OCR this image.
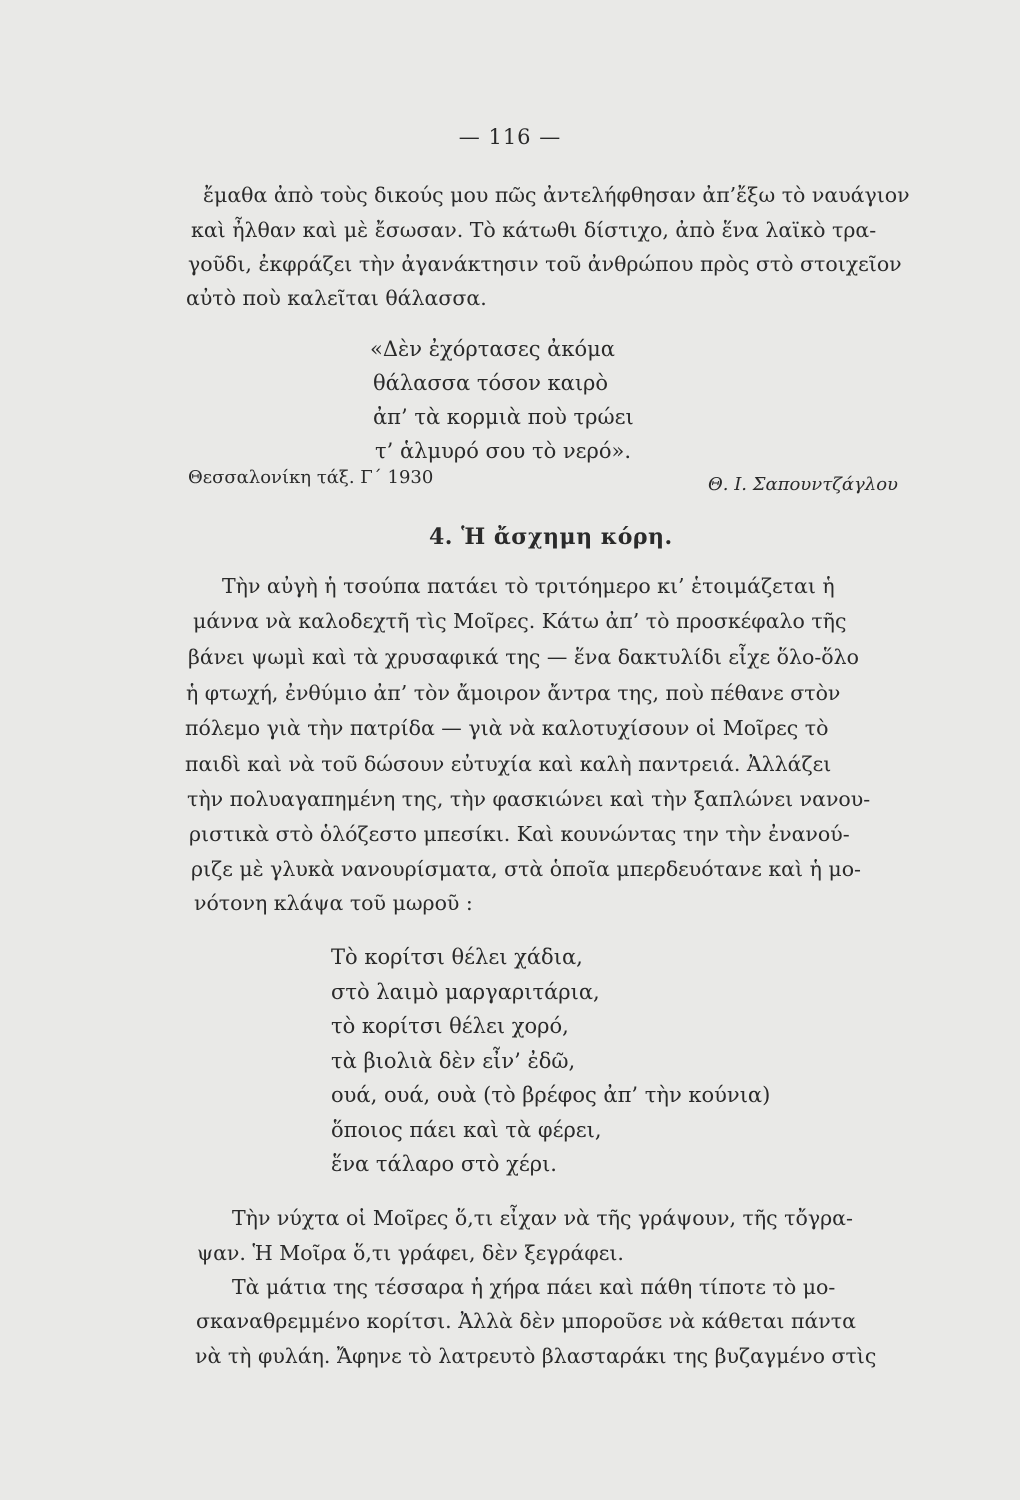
— 116 —
ἔμαθα ἀπὸ τοὺς δικούς μου πῶς ἀντελήφθησαν ἀπ’ἔξω τὸ ναυάγιον
καὶ ἦλθαν καὶ μὲ ἔσωσαν. Τὸ κάτωθι δίστιχο, ἀπὸ ἕνα λαϊκὸ τρα-
γοῦδι, ἐκφράζει τὴν ἀγανάκτησιν τοῦ ἀνθρώπου πρὸς στὸ στοιχεῖον
αὐτὸ ποὺ καλεῖται θάλασσα.
«Δὲν ἐχόρτασες ἀκόμα
θάλασσα τόσον καιρὸ
ἀπ’ τὰ κορμιὰ ποὺ τρώει
τ’ ἁλμυρό σου τὸ νερό».
Θεσσαλονίκη τάξ. Γ΄ 1930	Θ. Ι. Σαπουντζάγλου
4. Ἡ ἄσχημη κόρη.
Τὴν αὐγὴ ἡ τσούπα πατάει τὸ τριτόημερο κι’ ἑτοιμάζεται ἡ
μάννα νὰ καλοδεχτῆ τὶς Μοῖρες. Κάτω ἀπ’ τὸ προσκέφαλο τῆς
βάνει ψωμὶ καὶ τὰ χρυσαφικά της — ἕνα δακτυλίδι εἶχε ὅλο-ὅλο
ἡ φτωχή, ἐνθύμιο ἀπ’ τὸν ἄμοιρον ἄντρα της, ποὺ πέθανε στὸν
πόλεμο γιὰ τὴν πατρίδα — γιὰ νὰ καλοτυχίσουν οἱ Μοῖρες τὸ
παιδὶ καὶ νὰ τοῦ δώσουν εὐτυχία καὶ καλὴ παντρειά. Ἀλλάζει
τὴν πολυαγαπημένη της, τὴν φασκιώνει καὶ τὴν ξαπλώνει νανου-
ριστικὰ στὸ ὁλόζεστο μπεσίκι. Καὶ κουνώντας την τὴν ἐνανού-
ριζε μὲ γλυκὰ νανουρίσματα, στὰ ὁποῖα μπερδευότανε καὶ ἡ μο-
νότονη κλάψα τοῦ μωροῦ :
Τὸ κορίτσι θέλει χάδια,
στὸ λαιμὸ μαργαριτάρια,
τὸ κορίτσι θέλει χορό,
τὰ βιολιὰ δὲν εἶν’ ἐδῶ,
ουά, ουά, ουὰ (τὸ βρέφος ἀπ’ τὴν κούνια)
ὅποιος πάει καὶ τὰ φέρει,
ἕνα τάλαρο στὸ χέρι.
Τὴν νύχτα οἱ Μοῖρες ὅ,τι εἶχαν νὰ τῆς γράψουν, τῆς τὄγρα-
ψαν. Ἡ Μοῖρα ὅ,τι γράφει, δὲν ξεγράφει.
Τὰ μάτια της τέσσαρα ἡ χήρα πάει καὶ πάθη τίποτε τὸ μο-
σκαναθρεμμένο κορίτσι. Ἀλλὰ δὲν μποροῦσε νὰ κάθεται πάντα
νὰ τὴ φυλάη. Ἄφηνε τὸ λατρευτὸ βλασταράκι της βυζαγμένο στὶς
